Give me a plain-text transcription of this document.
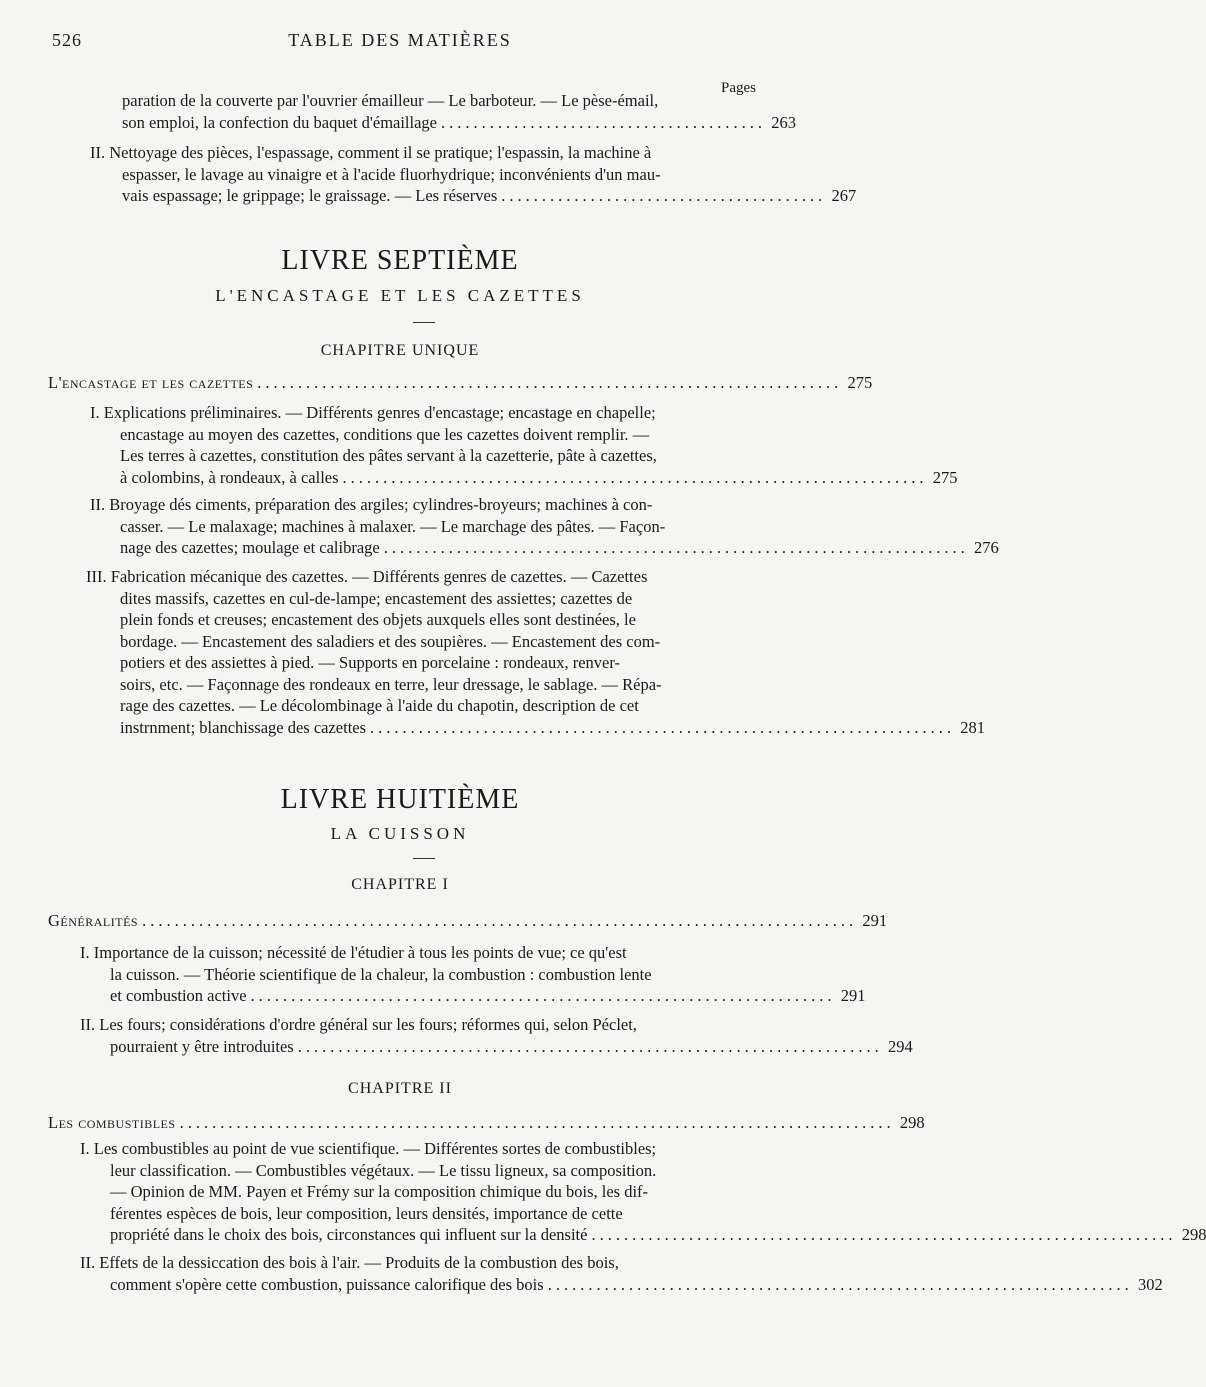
TABLE DES MATIÈRES
526
Pages
paration de la couverte par l'ouvrier émailleur — Le barboteur. — Le pèse-émail,
son emploi, la confection du baquet d'émaillage ........................................ 263
II. Nettoyage des pièces, l'espassage, comment il se pratique; l'espassin, la machine à
espasser, le lavage au vinaigre et à l'acide fluorhydrique; inconvénients d'un mau-
vais espassage; le grippage; le graissage. — Les réserves ........................................ 267
LIVRE SEPTIÈME
L'ENCASTAGE ET LES CAZETTES
CHAPITRE UNIQUE
L'encastage et les cazettes ........................................................................ 275
I. Explications préliminaires. — Différents genres d'encastage; encastage en chapelle;
encastage au moyen des cazettes, conditions que les cazettes doivent remplir. —
Les terres à cazettes, constitution des pâtes servant à la cazetterie, pâte à cazettes,
à colombins, à rondeaux, à calles ........................................................................ 275
II. Broyage dés ciments, préparation des argiles; cylindres-broyeurs; machines à con-
casser. — Le malaxage; machines à malaxer. — Le marchage des pâtes. — Façon-
nage des cazettes; moulage et calibrage ........................................................................ 276
III. Fabrication mécanique des cazettes. — Différents genres de cazettes. — Cazettes
dites massifs, cazettes en cul-de-lampe; encastement des assiettes; cazettes de
plein fonds et creuses; encastement des objets auxquels elles sont destinées, le
bordage. — Encastement des saladiers et des soupières. — Encastement des com-
potiers et des assiettes à pied. — Supports en porcelaine : rondeaux, renver-
soirs, etc. — Façonnage des rondeaux en terre, leur dressage, le sablage. — Répa-
rage des cazettes. — Le décolombinage à l'aide du chapotin, description de cet
instrnment; blanchissage des cazettes ........................................................................ 281
LIVRE HUITIÈME
LA CUISSON
CHAPITRE I
Généralités ........................................................................................ 291
I. Importance de la cuisson; nécessité de l'étudier à tous les points de vue; ce qu'est
la cuisson. — Théorie scientifique de la chaleur, la combustion : combustion lente
et combustion active ........................................................................ 291
II. Les fours; considérations d'ordre général sur les fours; réformes qui, selon Péclet,
pourraient y être introduites ........................................................................ 294
CHAPITRE II
Les combustibles ........................................................................................ 298
I. Les combustibles au point de vue scientifique. — Différentes sortes de combustibles;
leur classification. — Combustibles végétaux. — Le tissu ligneux, sa composition.
— Opinion de MM. Payen et Frémy sur la composition chimique du bois, les dif-
férentes espèces de bois, leur composition, leurs densités, importance de cette
propriété dans le choix des bois, circonstances qui influent sur la densité ........................................................................ 298
II. Effets de la dessiccation des bois à l'air. — Produits de la combustion des bois,
comment s'opère cette combustion, puissance calorifique des bois ........................................................................ 302
